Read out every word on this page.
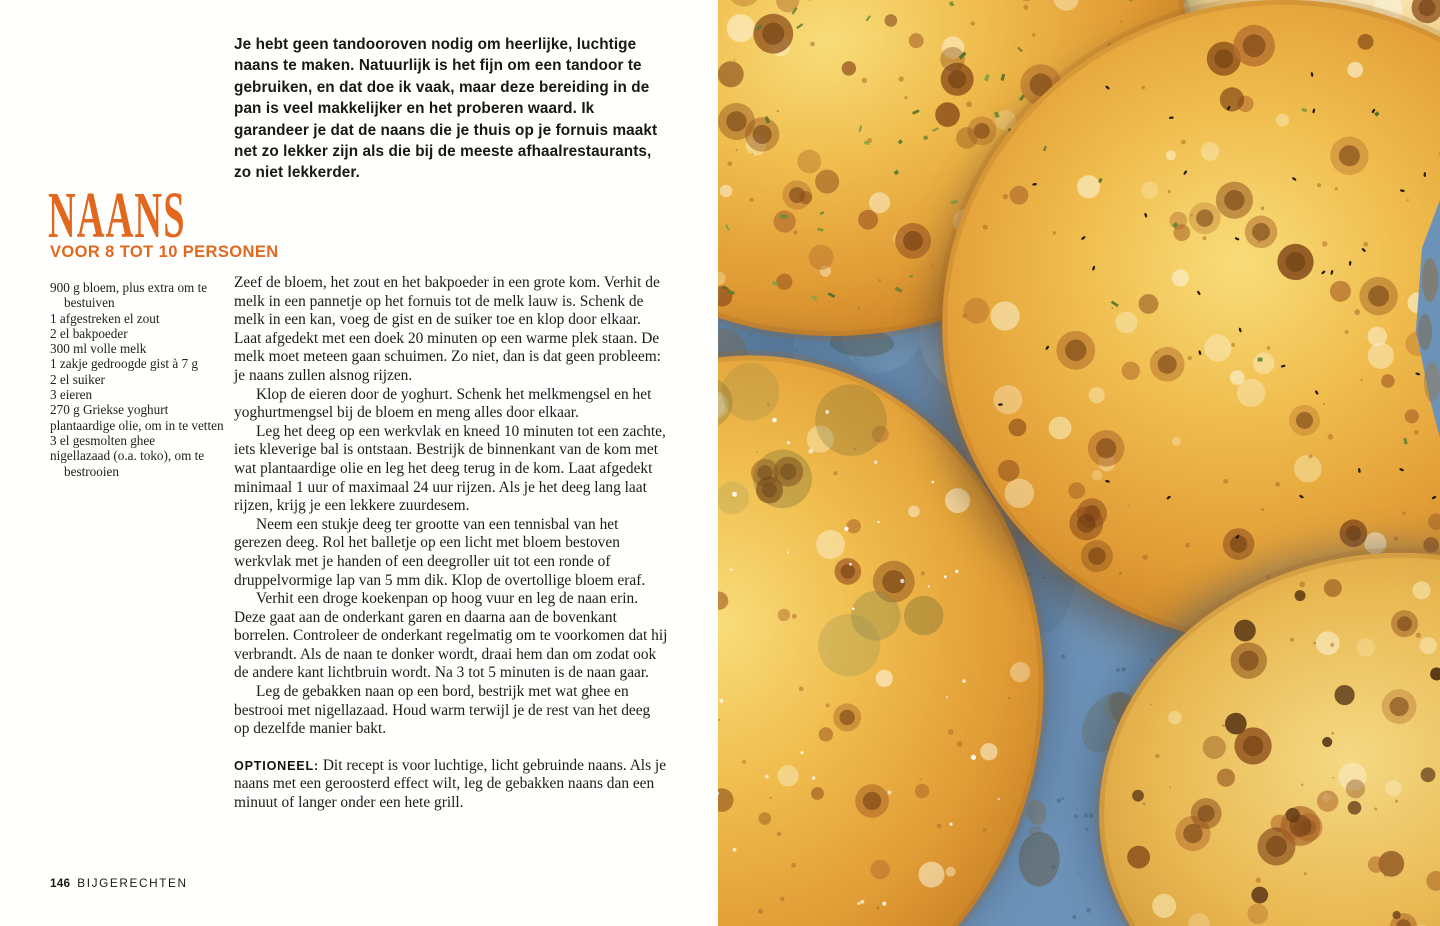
Je hebt geen tandooroven nodig om heerlijke, luchtige naans te maken. Natuurlijk is het fijn om een tandoor te gebruiken, en dat doe ik vaak, maar deze bereiding in de pan is veel makkelijker en het proberen waard. Ik garandeer je dat de naans die je thuis op je fornuis maakt net zo lekker zijn als die bij de meeste afhaalrestaurants, zo niet lekkerder.

NAANS
VOOR 8 TOT 10 PERSONEN
900 g bloem, plus extra om te bestuiven
1 afgestreken el zout
2 el bakpoeder
300 ml volle melk
1 zakje gedroogde gist à 7 g
2 el suiker
3 eieren
270 g Griekse yoghurt
plantaardige olie, om in te vetten
3 el gesmolten ghee
nigellazaad (o.a. toko), om te bestrooien

Zeef de bloem, het zout en het bakpoeder in een grote kom. Verhit de melk in een pannetje op het fornuis tot de melk lauw is. Schenk de melk in een kan, voeg de gist en de suiker toe en klop door elkaar. Laat afgedekt met een doek 20 minuten op een warme plek staan. De melk moet meteen gaan schuimen. Zo niet, dan is dat geen probleem: je naans zullen alsnog rijzen.

Klop de eieren door de yoghurt. Schenk het melkmengsel en het yoghurtmengsel bij de bloem en meng alles door elkaar.

Leg het deeg op een werkvlak en kneed 10 minuten tot een zachte, iets kleverige bal is ontstaan. Bestrijk de binnenkant van de kom met wat plantaardige olie en leg het deeg terug in de kom. Laat afgedekt minimaal 1 uur of maximaal 24 uur rijzen. Als je het deeg lang laat rijzen, krijg je een lekkere zuurdesem.

Neem een stukje deeg ter grootte van een tennisbal van het gerezen deeg. Rol het balletje op een licht met bloem bestoven werkvlak met je handen of een deegroller uit tot een ronde of druppelvormige lap van 5 mm dik. Klop de overtollige bloem eraf.

Verhit een droge koekenpan op hoog vuur en leg de naan erin. Deze gaat aan de onderkant garen en daarna aan de bovenkant borrelen. Controleer de onderkant regelmatig om te voorkomen dat hij verbrandt. Als de naan te donker wordt, draai hem dan om zodat ook de andere kant lichtbruin wordt. Na 3 tot 5 minuten is de naan gaar.

Leg de gebakken naan op een bord, bestrijk met wat ghee en bestrooi met nigellazaad. Houd warm terwijl je de rest van het deeg op dezelfde manier bakt.

OPTIONEEL: Dit recept is voor luchtige, licht gebruinde naans. Als je naans met een geroosterd effect wilt, leg de gebakken naans dan een minuut of langer onder een hete grill.

146 BIJGERECHTEN
